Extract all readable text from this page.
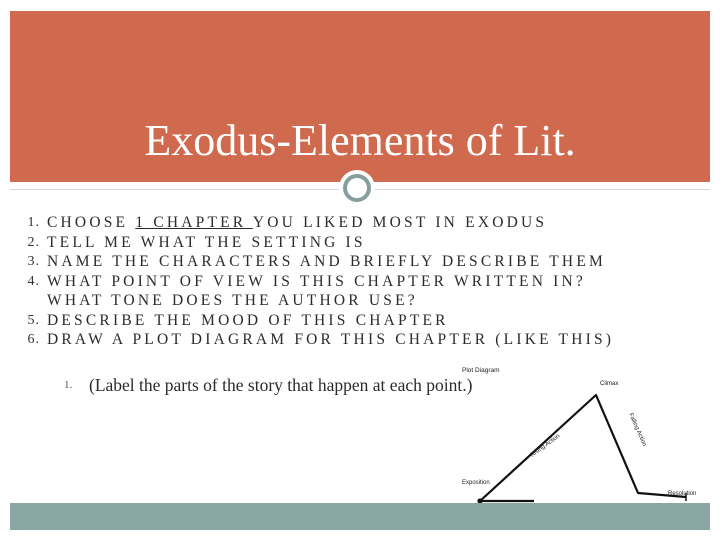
Exodus-Elements of Lit.
1. CHOOSE 1 CHAPTER YOU LIKED MOST IN EXODUS
2. TELL ME WHAT THE SETTING IS
3. NAME THE CHARACTERS AND BRIEFLY DESCRIBE THEM
4. WHAT POINT OF VIEW IS THIS CHAPTER WRITTEN IN?
WHAT TONE DOES THE AUTHOR USE?
5. DESCRIBE THE MOOD OF THIS CHAPTER
6. DRAW A PLOT DIAGRAM FOR THIS CHAPTER (LIKE THIS)
1. (Label the parts of the story that happen at each point.)
Plot Diagram
Climax
Rising Action	Falling Action
Exposition
Resolution
